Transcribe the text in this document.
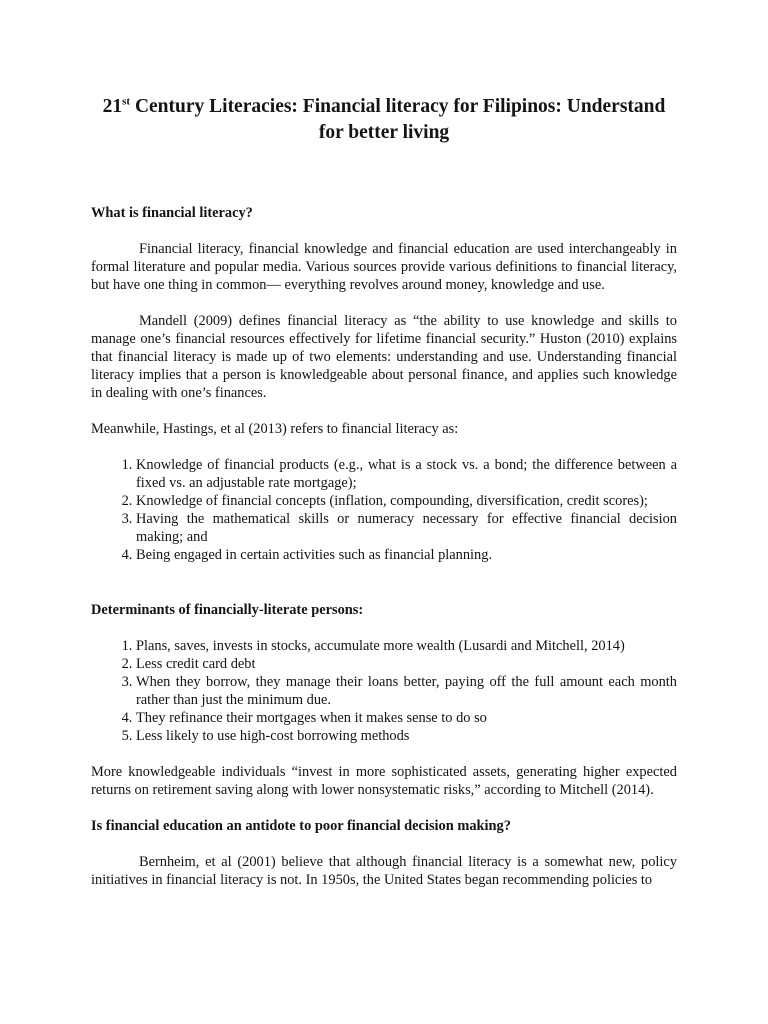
21st Century Literacies: Financial literacy for Filipinos: Understand for better living
What is financial literacy?

Financial literacy, financial knowledge and financial education are used interchangeably in formal literature and popular media. Various sources provide various definitions to financial literacy, but have one thing in common— everything revolves around money, knowledge and use.

Mandell (2009) defines financial literacy as “the ability to use knowledge and skills to manage one’s financial resources effectively for lifetime financial security.” Huston (2010) explains that financial literacy is made up of two elements: understanding and use. Understanding financial literacy implies that a person is knowledgeable about personal finance, and applies such knowledge in dealing with one’s finances.

Meanwhile, Hastings, et al (2013) refers to financial literacy as:

1. Knowledge of financial products (e.g., what is a stock vs. a bond; the difference between a fixed vs. an adjustable rate mortgage);
2. Knowledge of financial concepts (inflation, compounding, diversification, credit scores);
3. Having the mathematical skills or numeracy necessary for effective financial decision making; and
4. Being engaged in certain activities such as financial planning.
Determinants of financially-literate persons:
1. Plans, saves, invests in stocks, accumulate more wealth (Lusardi and Mitchell, 2014)
2. Less credit card debt
3. When they borrow, they manage their loans better, paying off the full amount each month rather than just the minimum due.
4. They refinance their mortgages when it makes sense to do so
5. Less likely to use high-cost borrowing methods

More knowledgeable individuals “invest in more sophisticated assets, generating higher expected returns on retirement saving along with lower nonsystematic risks,” according to Mitchell (2014).

Is financial education an antidote to poor financial decision making?

Bernheim, et al (2001) believe that although financial literacy is a somewhat new, policy initiatives in financial literacy is not. In 1950s, the United States began recommending policies to
